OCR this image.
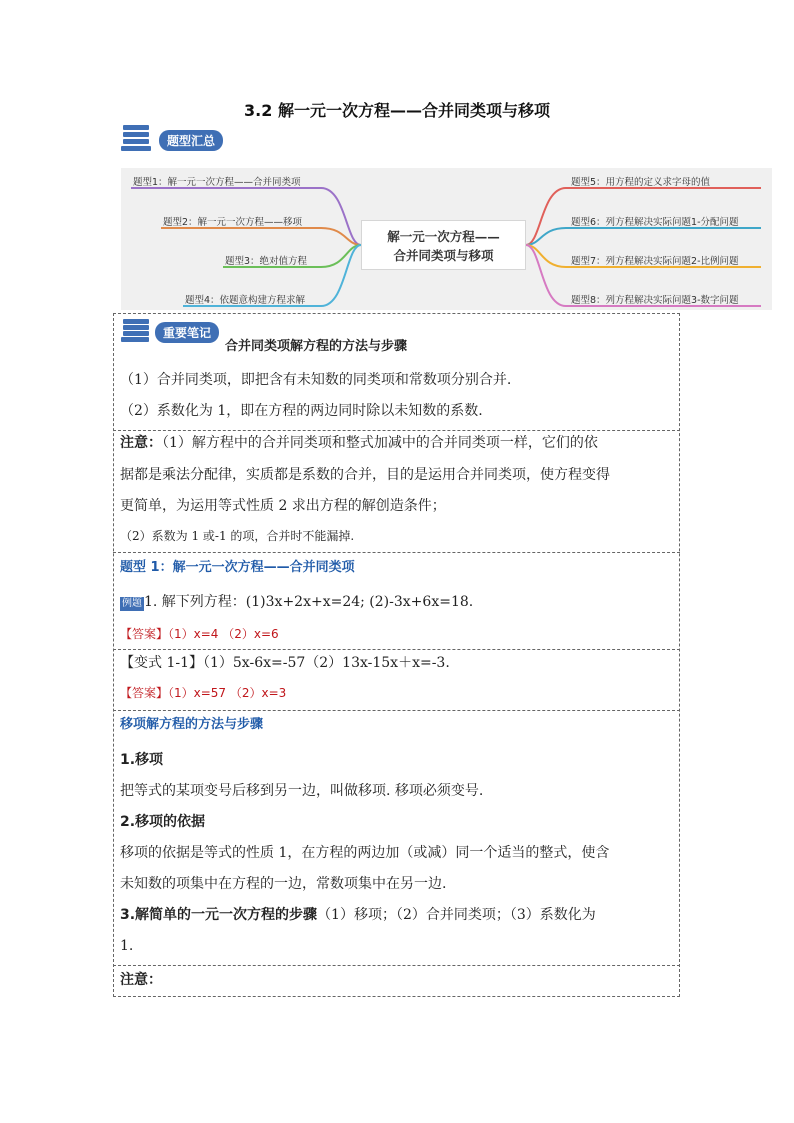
3.2 解一元一次方程——合并同类项与移项
题型汇总
解一元一次方程——
合并同类项与移项
题型1：解一元一次方程——合并同类项
题型2：解一元一次方程——移项
题型3：绝对值方程
题型4：依题意构建方程求解
题型5：用方程的定义求字母的值
题型6：列方程解决实际问题1-分配问题
题型7：列方程解决实际问题2-比例问题
题型8：列方程解决实际问题3-数字问题
重要笔记
合并同类项解方程的方法与步骤
（1）合并同类项，即把含有未知数的同类项和常数项分别合并.
（2）系数化为 1，即在方程的两边同时除以未知数的系数.
注意：（1）解方程中的合并同类项和整式加减中的合并同类项一样，它们的依
据都是乘法分配律，实质都是系数的合并，目的是运用合并同类项，使方程变得
更简单，为运用等式性质 2 求出方程的解创造条件；
（2）系数为 1 或-1 的项，合并时不能漏掉.
题型 1：解一元一次方程——合并同类项
例题 1. 解下列方程：(1)3x+2x+x=24; (2)-3x+6x=18.
【答案】（1）x=4 （2）x=6
【变式 1-1】（1）5x-6x=-57（2）13x-15x＋x=-3.
【答案】（1）x=57 （2）x=3
移项解方程的方法与步骤
1.移项
把等式的某项变号后移到另一边，叫做移项. 移项必须变号.
2.移项的依据
移项的依据是等式的性质 1，在方程的两边加（或减）同一个适当的整式，使含
未知数的项集中在方程的一边，常数项集中在另一边.
3.解简单的一元一次方程的步骤（1）移项；（2）合并同类项；（3）系数化为
1.
注意：
